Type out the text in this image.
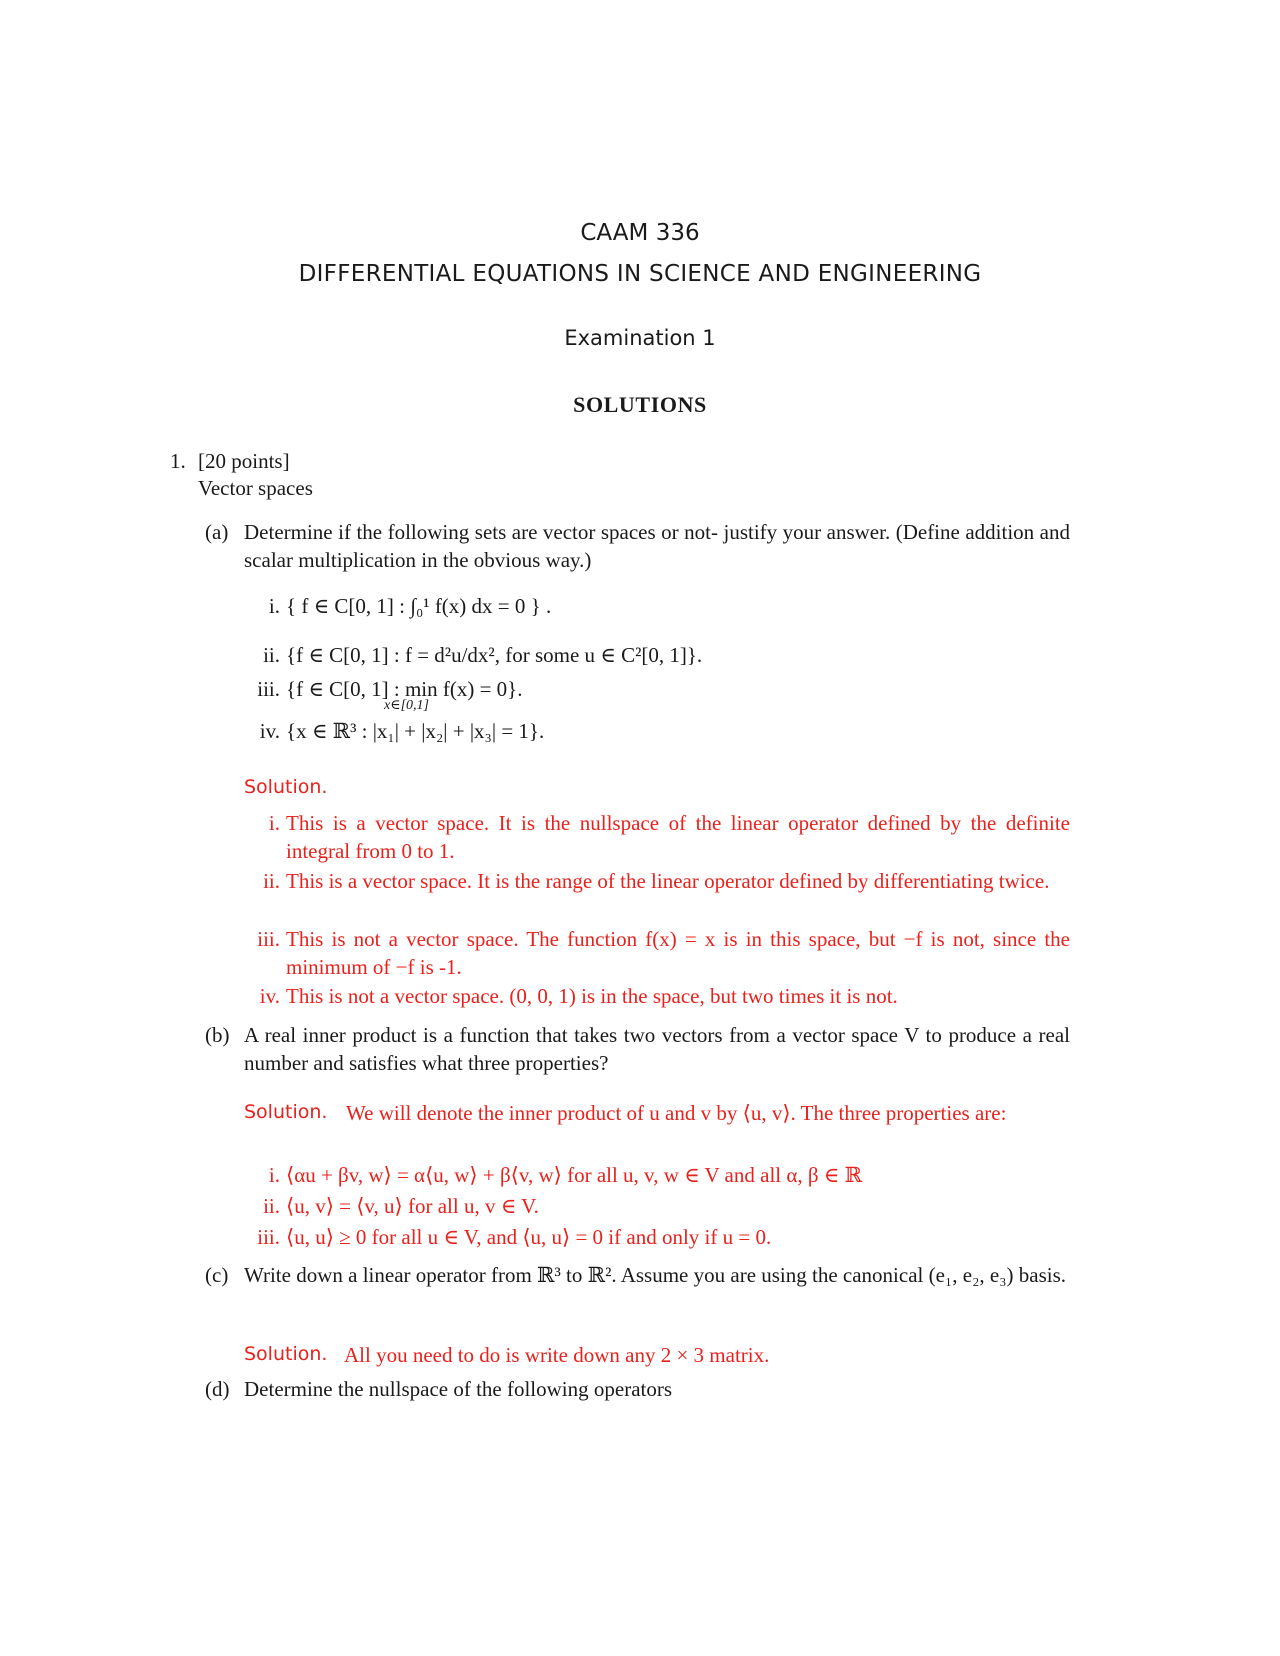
CAAM 336
DIFFERENTIAL EQUATIONS IN SCIENCE AND ENGINEERING
Examination 1
SOLUTIONS
1. [20 points]
Vector spaces
(a) Determine if the following sets are vector spaces or not- justify your answer. (Define addition and scalar multiplication in the obvious way.)
i. { f ∈ C[0, 1] : ∫₀¹ f(x) dx = 0 } .
ii. {f ∈ C[0, 1] : f = d²u/dx², for some u ∈ C²[0, 1]}.
iii. {f ∈ C[0, 1] : min f(x) = 0}.
x∈[0,1]
iv. {x ∈ ℝ³ : |x₁| + |x₂| + |x₃| = 1}.
Solution.
i. This is a vector space. It is the nullspace of the linear operator defined by the definite integral from 0 to 1.
ii. This is a vector space. It is the range of the linear operator defined by differentiating twice.
iii. This is not a vector space. The function f(x) = x is in this space, but −f is not, since the minimum of −f is -1.
iv. This is not a vector space. (0, 0, 1) is in the space, but two times it is not.
(b) A real inner product is a function that takes two vectors from a vector space V to produce a real number and satisfies what three properties?
Solution. We will denote the inner product of u and v by ⟨u, v⟩. The three properties are:
i. ⟨αu + βv, w⟩ = α⟨u, w⟩ + β⟨v, w⟩ for all u, v, w ∈ V and all α, β ∈ ℝ
ii. ⟨u, v⟩ = ⟨v, u⟩ for all u, v ∈ V.
iii. ⟨u, u⟩ ≥ 0 for all u ∈ V, and ⟨u, u⟩ = 0 if and only if u = 0.
(c) Write down a linear operator from ℝ³ to ℝ². Assume you are using the canonical (e₁, e₂, e₃) basis.
Solution. All you need to do is write down any 2 × 3 matrix.
(d) Determine the nullspace of the following operators
